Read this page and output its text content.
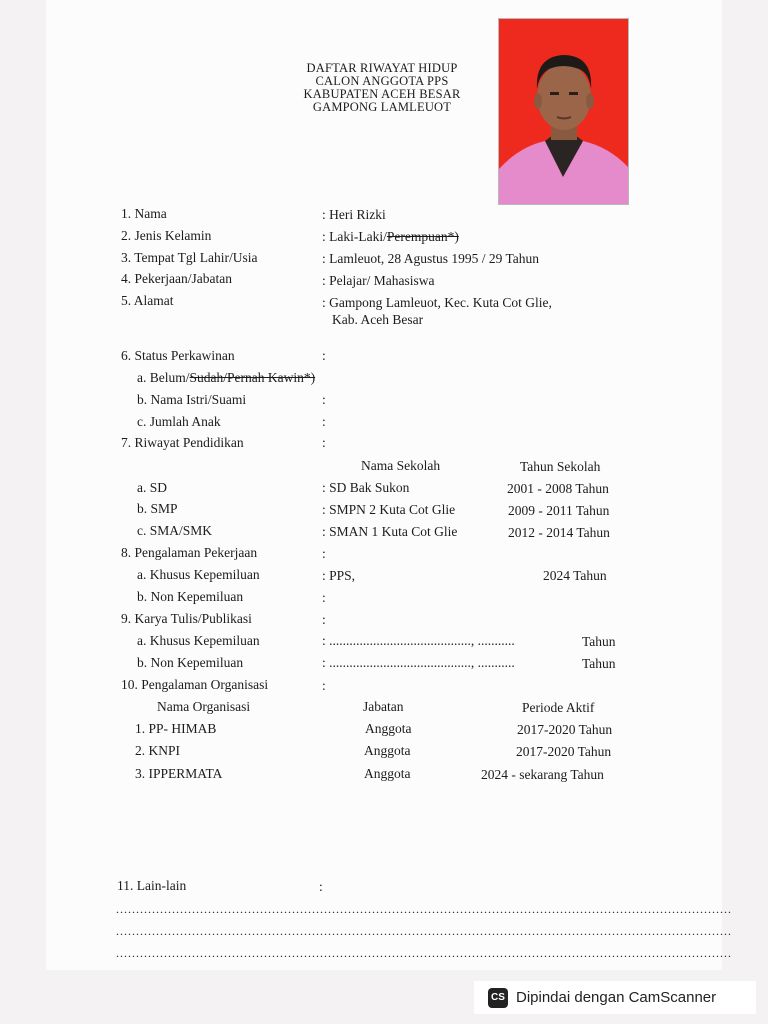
DAFTAR RIWAYAT HIDUP
CALON ANGGOTA PPS
KABUPATEN ACEH BESAR
GAMPONG LAMLEUOT
1. Nama	: Heri Rizki
2. Jenis Kelamin	: Laki-Laki/Perempuan*)
3. Tempat Tgl Lahir/Usia	: Lamleuot, 28 Agustus 1995 / 29 Tahun
4. Pekerjaan/Jabatan	: Pelajar/ Mahasiswa
5. Alamat	: Gampong Lamleuot, Kec. Kuta Cot Glie,
Kab. Aceh Besar
6. Status Perkawinan	:
a. Belum/Sudah/Pernah Kawin*)
b. Nama Istri/Suami	:
c. Jumlah Anak	:
7. Riwayat Pendidikan	:
Nama Sekolah	Tahun Sekolah
a. SD	: SD Bak Sukon	2001 - 2008 Tahun
b. SMP	: SMPN 2 Kuta Cot Glie	2009 - 2011 Tahun
c. SMA/SMK	: SMAN 1 Kuta Cot Glie	2012 - 2014 Tahun
8. Pengalaman Pekerjaan	:
a. Khusus Kepemiluan	: PPS,	2024 Tahun
b. Non Kepemiluan	:
9. Karya Tulis/Publikasi	:
a. Khusus Kepemiluan	: .........................................., ...........	Tahun
b. Non Kepemiluan	: .........................................., ...........	Tahun
10. Pengalaman Organisasi	:
Nama Organisasi	Jabatan	Periode Aktif
1. PP- HIMAB	Anggota	2017-2020 Tahun
2. KNPI	Anggota	2017-2020 Tahun
3. IPPERMATA	Anggota	2024 - sekarang Tahun
11. Lain-lain	:
..........................................................................................................................................................
..........................................................................................................................................................
..........................................................................................................................................................
CS Dipindai dengan CamScanner
